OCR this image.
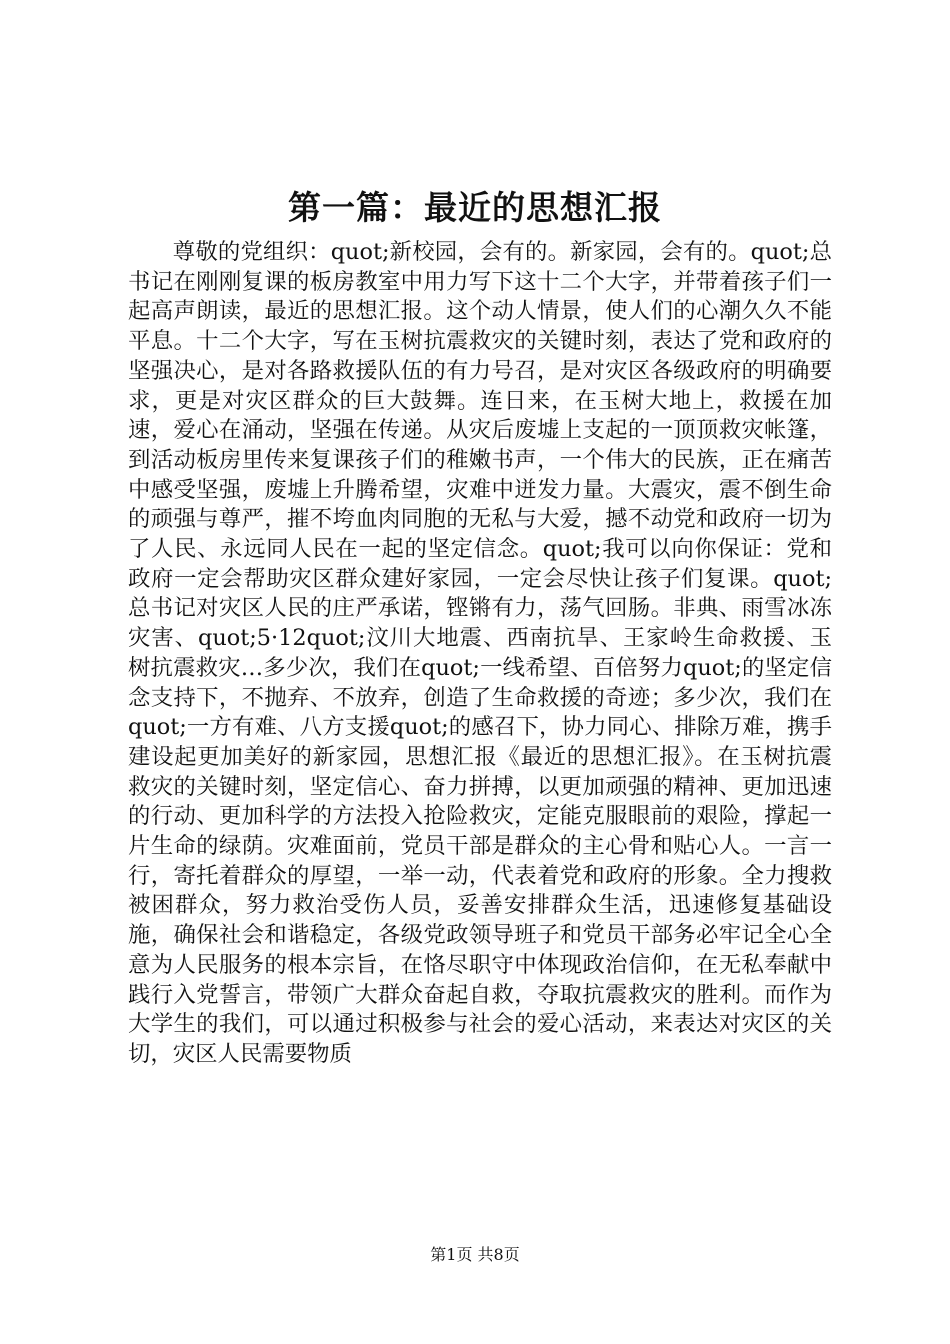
第一篇：最近的思想汇报

尊敬的党组织：quot;新校园，会有的。新家园，会有的。quot;总书记在刚刚复课的板房教室中用力写下这十二个大字，并带着孩子们一起高声朗读，最近的思想汇报。这个动人情景，使人们的心潮久久不能平息。十二个大字，写在玉树抗震救灾的关键时刻，表达了党和政府的坚强决心，是对各路救援队伍的有力号召，是对灾区各级政府的明确要求，更是对灾区群众的巨大鼓舞。连日来，在玉树大地上，救援在加速，爱心在涌动，坚强在传递。从灾后废墟上支起的一顶顶救灾帐篷，到活动板房里传来复课孩子们的稚嫩书声，一个伟大的民族，正在痛苦中感受坚强，废墟上升腾希望，灾难中迸发力量。大震灾，震不倒生命的顽强与尊严，摧不垮血肉同胞的无私与大爱，撼不动党和政府一切为了人民、永远同人民在一起的坚定信念。quot;我可以向你保证：党和政府一定会帮助灾区群众建好家园，一定会尽快让孩子们复课。quot;总书记对灾区人民的庄严承诺，铿锵有力，荡气回肠。非典、雨雪冰冻灾害、quot;5·12quot;汶川大地震、西南抗旱、王家岭生命救援、玉树抗震救灾…多少次，我们在quot;一线希望、百倍努力quot;的坚定信念支持下，不抛弃、不放弃，创造了生命救援的奇迹；多少次，我们在quot;一方有难、八方支援quot;的感召下，协力同心、排除万难，携手建设起更加美好的新家园，思想汇报《最近的思想汇报》。在玉树抗震救灾的关键时刻，坚定信心、奋力拼搏，以更加顽强的精神、更加迅速的行动、更加科学的方法投入抢险救灾，定能克服眼前的艰险，撑起一片生命的绿荫。灾难面前，党员干部是群众的主心骨和贴心人。一言一行，寄托着群众的厚望，一举一动，代表着党和政府的形象。全力搜救被困群众，努力救治受伤人员，妥善安排群众生活，迅速修复基础设施，确保社会和谐稳定，各级党政领导班子和党员干部务必牢记全心全意为人民服务的根本宗旨，在恪尽职守中体现政治信仰，在无私奉献中践行入党誓言，带领广大群众奋起自救，夺取抗震救灾的胜利。而作为大学生的我们，可以通过积极参与社会的爱心活动，来表达对灾区的关切，灾区人民需要物质

第1页 共8页
